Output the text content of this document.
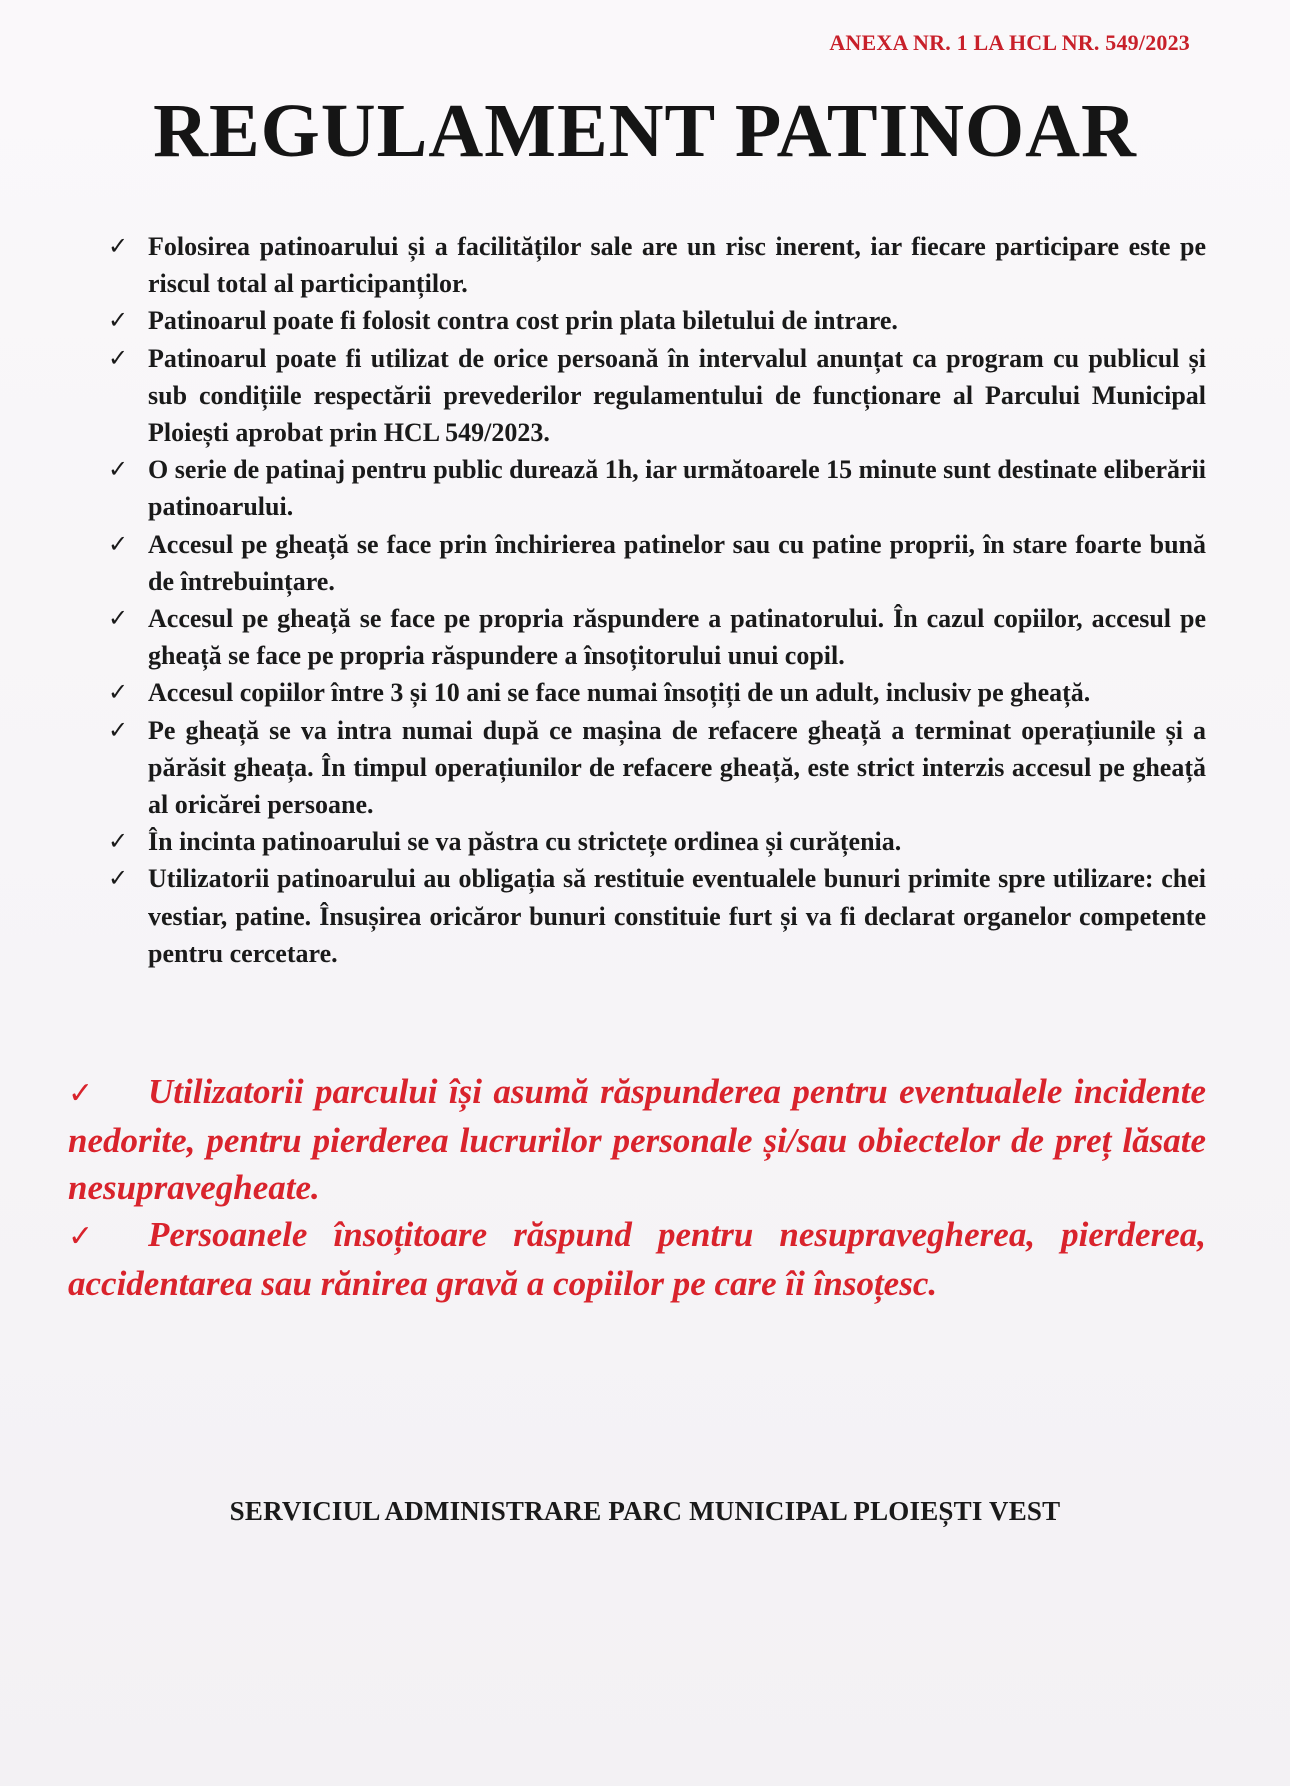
ANEXA NR. 1 LA HCL NR. 549/2023
REGULAMENT PATINOAR
✓ Folosirea patinoarului și a facilităților sale are un risc inerent, iar fiecare participare este pe riscul total al participanților.
✓ Patinoarul poate fi folosit contra cost prin plata biletului de intrare.
✓ Patinoarul poate fi utilizat de orice persoană în intervalul anunțat ca program cu publicul și sub condițiile respectării prevederilor regulamentului de funcționare al Parcului Municipal Ploiești aprobat prin HCL 549/2023.
✓ O serie de patinaj pentru public durează 1h, iar următoarele 15 minute sunt destinate eliberării patinoarului.
✓ Accesul pe gheață se face prin închirierea patinelor sau cu patine proprii, în stare foarte bună de întrebuințare.
✓ Accesul pe gheață se face pe propria răspundere a patinatorului. În cazul copiilor, accesul pe gheață se face pe propria răspundere a însoțitorului unui copil.
✓ Accesul copiilor între 3 și 10 ani se face numai însoțiți de un adult, inclusiv pe gheață.
✓ Pe gheață se va intra numai după ce mașina de refacere gheață a terminat operațiunile și a părăsit gheața. În timpul operațiunilor de refacere gheață, este strict interzis accesul pe gheață al oricărei persoane.
✓ În incinta patinoarului se va păstra cu strictețe ordinea și curățenia.
✓ Utilizatorii patinoarului au obligația să restituie eventualele bunuri primite spre utilizare: chei vestiar, patine. Însușirea oricăror bunuri constituie furt și va fi declarat organelor competente pentru cercetare.

✓ Utilizatorii parcului își asumă răspunderea pentru eventualele incidente nedorite, pentru pierderea lucrurilor personale și/sau obiectelor de preț lăsate nesupravegheate.

✓ Persoanele însoțitoare răspund pentru nesupravegherea, pierderea, accidentarea sau rănirea gravă a copiilor pe care îi însoțesc.

SERVICIUL ADMINISTRARE PARC MUNICIPAL PLOIEȘTI VEST
